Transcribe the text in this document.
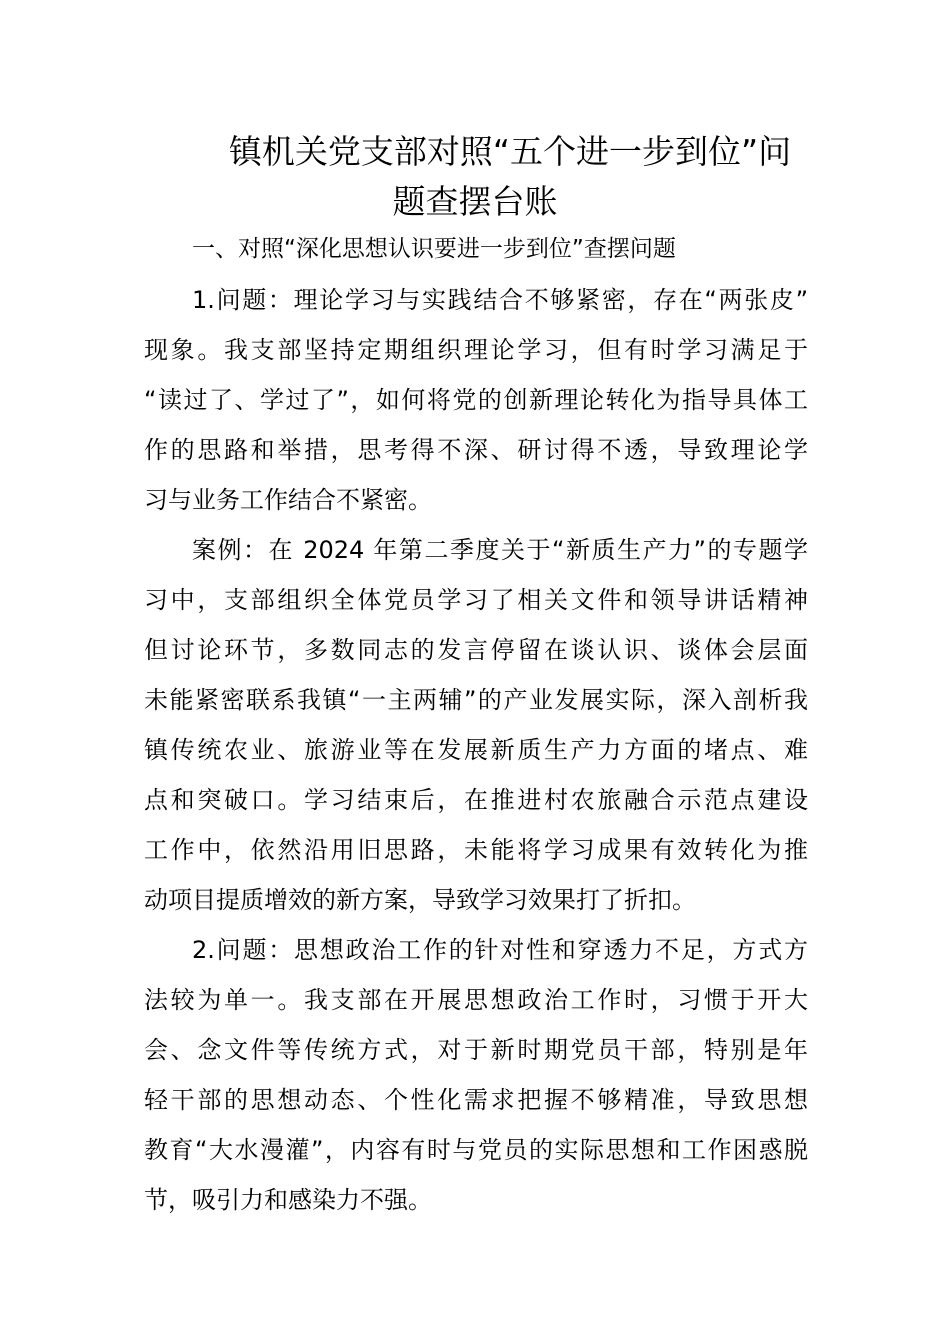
镇机关党支部对照“五个进一步到位”问
题查摆台账
一、对照“深化思想认识要进一步到位”查摆问题
1.问题：理论学习与实践结合不够紧密，存在“两张皮”
现象。我支部坚持定期组织理论学习，但有时学习满足于
“读过了、学过了”，如何将党的创新理论转化为指导具体工
作的思路和举措，思考得不深、研讨得不透，导致理论学
习与业务工作结合不紧密。
案例：在 2024 年第二季度关于“新质生产力”的专题学
习中，支部组织全体党员学习了相关文件和领导讲话精神
但讨论环节，多数同志的发言停留在谈认识、谈体会层面
未能紧密联系我镇“一主两辅”的产业发展实际，深入剖析我
镇传统农业、旅游业等在发展新质生产力方面的堵点、难
点和突破口。学习结束后，在推进村农旅融合示范点建设
工作中，依然沿用旧思路，未能将学习成果有效转化为推
动项目提质增效的新方案，导致学习效果打了折扣。
2.问题：思想政治工作的针对性和穿透力不足，方式方
法较为单一。我支部在开展思想政治工作时，习惯于开大
会、念文件等传统方式，对于新时期党员干部，特别是年
轻干部的思想动态、个性化需求把握不够精准，导致思想
教育“大水漫灌”，内容有时与党员的实际思想和工作困惑脱
节，吸引力和感染力不强。
